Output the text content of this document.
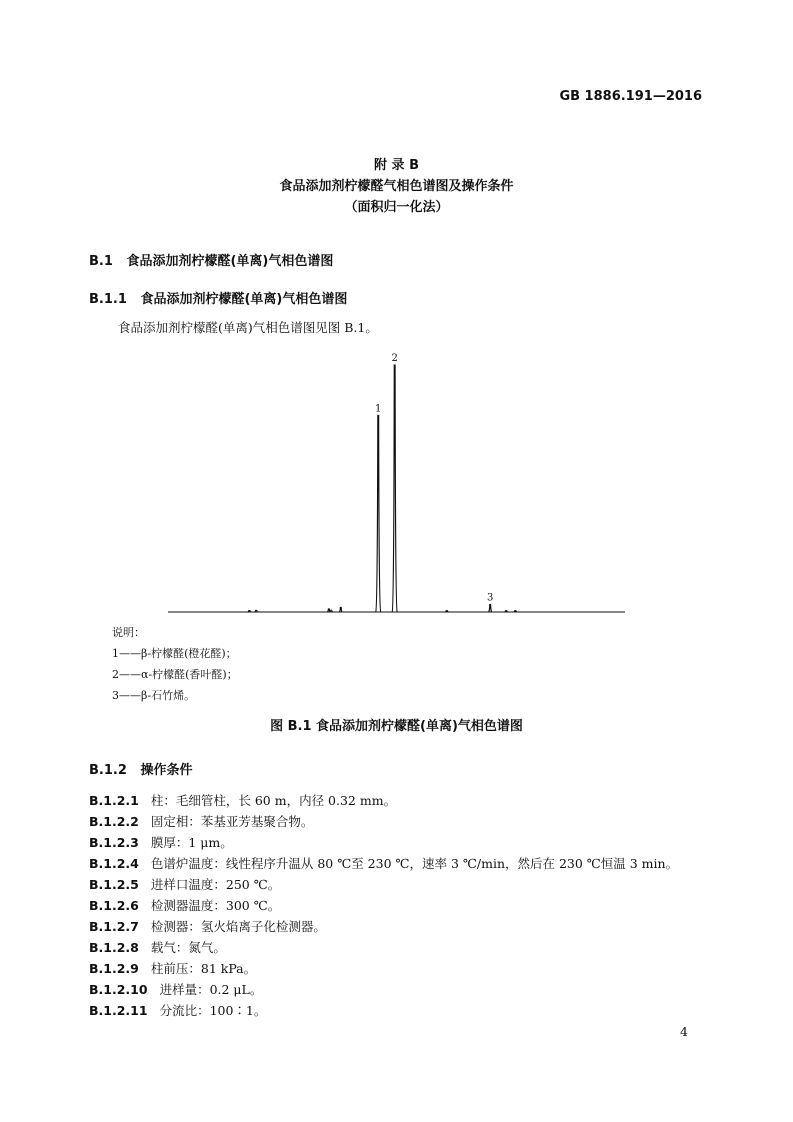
GB 1886.191—2016
附 录 B
食品添加剂柠檬醛气相色谱图及操作条件
（面积归一化法）
B.1 食品添加剂柠檬醛(单离)气相色谱图
B.1.1 食品添加剂柠檬醛(单离)气相色谱图
食品添加剂柠檬醛(单离)气相色谱图见图 B.1。
1
2
3
说明：
1——β-柠檬醛(橙花醛)；
2——α-柠檬醛(香叶醛)；
3——β-石竹烯。
图 B.1 食品添加剂柠檬醛(单离)气相色谱图
B.1.2 操作条件
B.1.2.1 柱：毛细管柱，长 60 m，内径 0.32 mm。
B.1.2.2 固定相：苯基亚芳基聚合物。
B.1.2.3 膜厚：1 μm。
B.1.2.4 色谱炉温度：线性程序升温从 80 ℃至 230 ℃，速率 3 ℃/min，然后在 230 ℃恒温 3 min。
B.1.2.5 进样口温度：250 ℃。
B.1.2.6 检测器温度：300 ℃。
B.1.2.7 检测器：氢火焰离子化检测器。
B.1.2.8 载气：氮气。
B.1.2.9 柱前压：81 kPa。
B.1.2.10 进样量：0.2 μL。
B.1.2.11 分流比：100∶1。
4
